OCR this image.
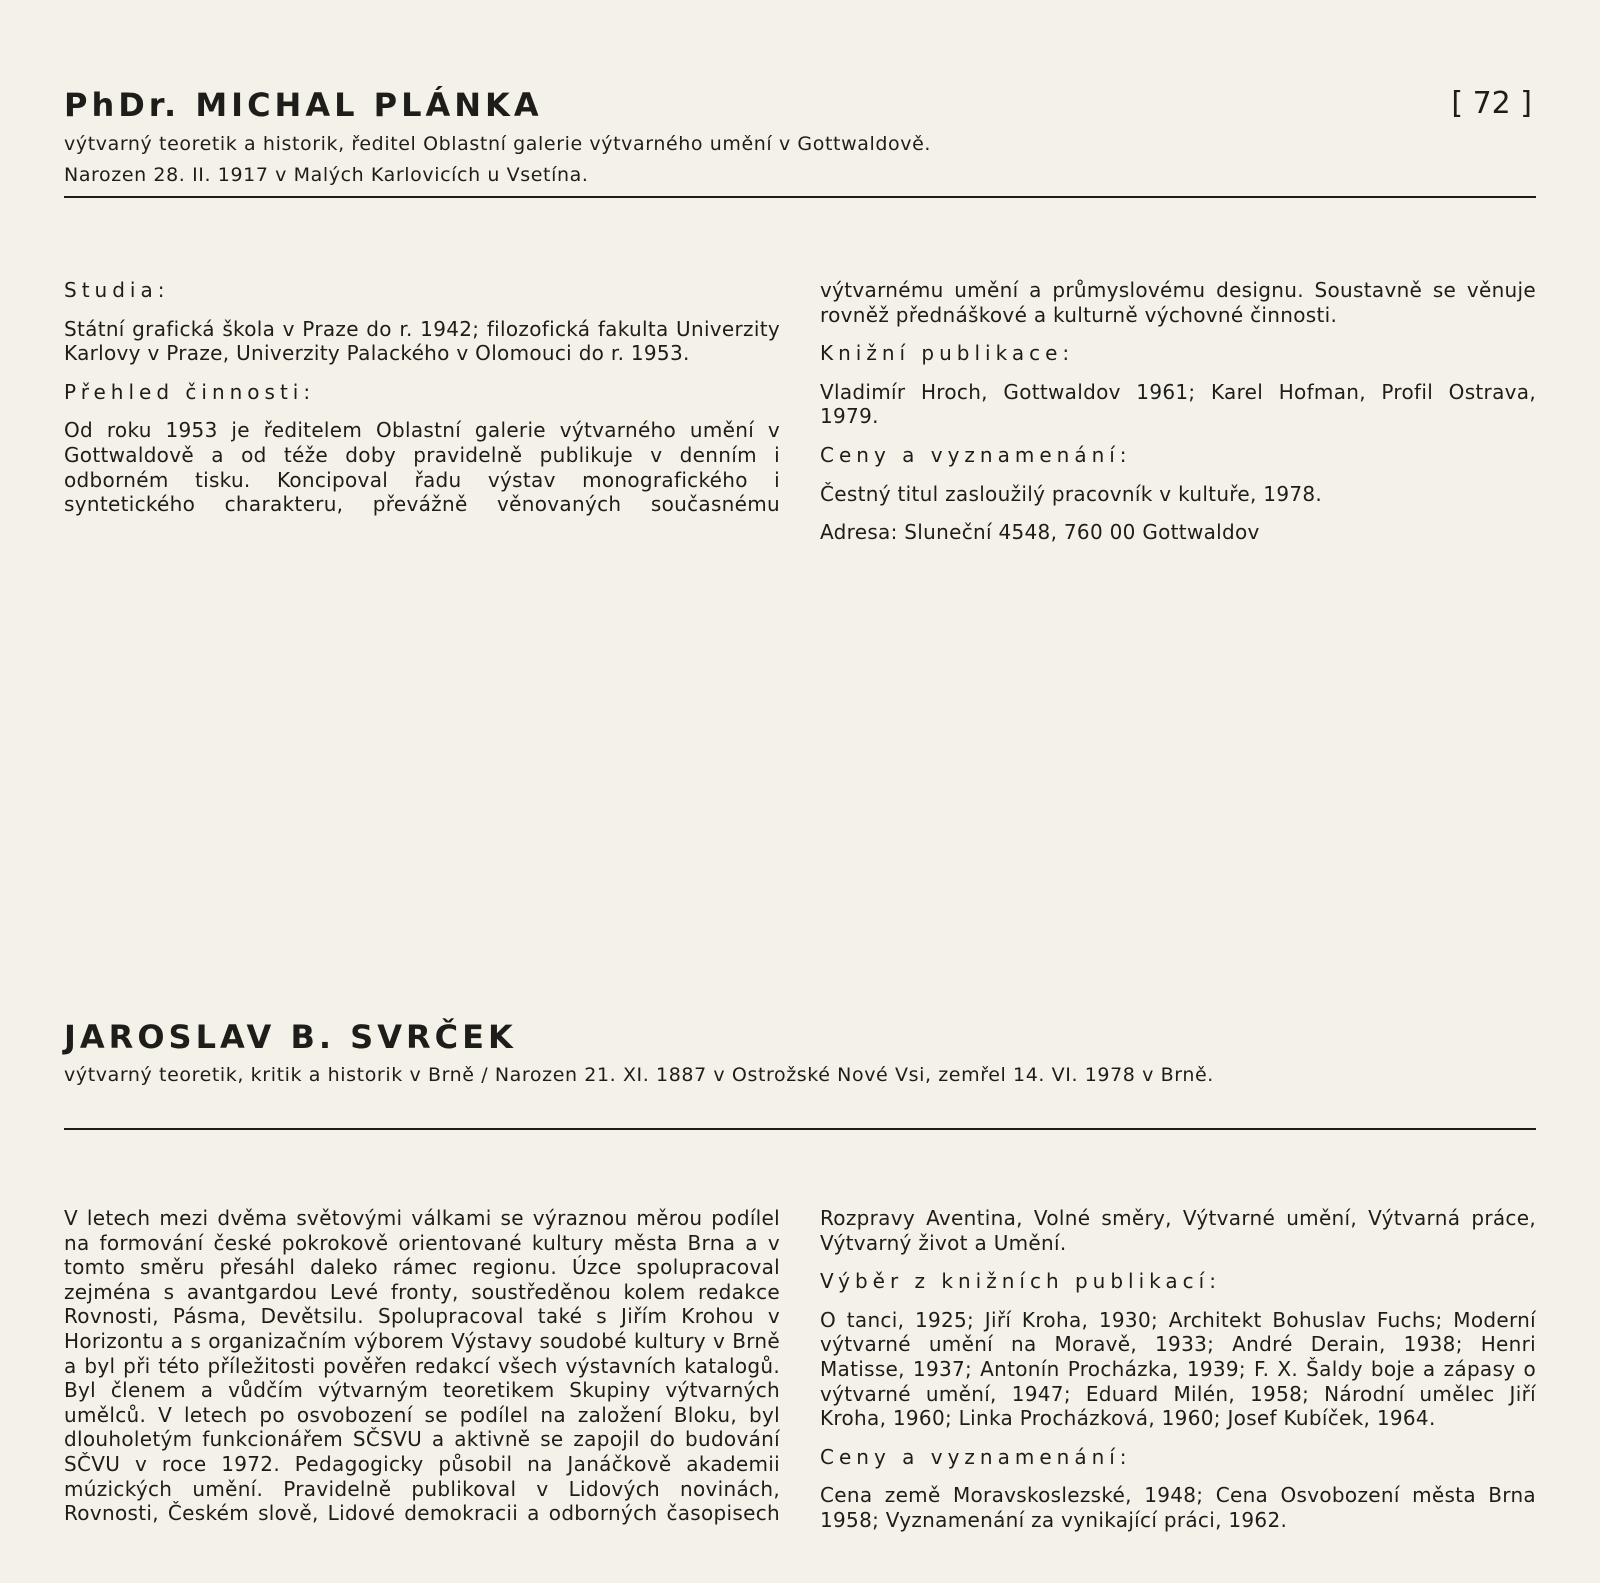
[ 72 ]
PhDr. MICHAL PLÁNKA

výtvarný teoretik a historik, ředitel Oblastní galerie výtvarného umění v Gottwaldově.

Narozen 28. II. 1917 v Malých Karlovicích u Vsetína.

Studia:

Státní grafická škola v Praze do r. 1942; filozofická fakulta Univerzity Karlovy v Praze, Univerzity Palackého v Olomouci do r. 1953.

Přehled činnosti:

Od roku 1953 je ředitelem Oblastní galerie výtvarného umění v Gottwaldově a od téže doby pravidelně publikuje v denním i odborném tisku. Koncipoval řadu výstav monografického i syntetického charakteru, převážně věnovaných současnému výtvarnému umění a průmyslovému designu. Soustavně se věnuje rovněž přednáškové a kulturně výchovné činnosti.

Knižní publikace:

Vladimír Hroch, Gottwaldov 1961; Karel Hofman, Profil Ostrava, 1979.

Ceny a vyznamenání:

Čestný titul zasloužilý pracovník v kultuře, 1978.

Adresa: Sluneční 4548, 760 00 Gottwaldov

JAROSLAV B. SVRČEK

výtvarný teoretik, kritik a historik v Brně / Narozen 21. XI. 1887 v Ostrožské Nové Vsi, zemřel 14. VI. 1978 v Brně.

V letech mezi dvěma světovými válkami se výraznou měrou podílel na formování české pokrokově orientované kultury města Brna a v tomto směru přesáhl daleko rámec regionu. Úzce spolupracoval zejména s avantgardou Levé fronty, soustředěnou kolem redakce Rovnosti, Pásma, Devětsilu. Spolupracoval také s Jiřím Krohou v Horizontu a s organizačním výborem Výstavy soudobé kultury v Brně a byl při této příležitosti pověřen redakcí všech výstavních katalogů. Byl členem a vůdčím výtvarným teoretikem Skupiny výtvarných umělců. V letech po osvobození se podílel na založení Bloku, byl dlouholetým funkcionářem SČSVU a aktivně se zapojil do budování SČVU v roce 1972. Pedagogicky působil na Janáčkově akademii múzických umění. Pravidelně publikoval v Lidových novinách, Rovnosti, Českém slově, Lidové demokracii a odborných časopisech Rozpravy Aventina, Volné směry, Výtvarné umění, Výtvarná práce, Výtvarný život a Umění.

Výběr z knižních publikací:

O tanci, 1925; Jiří Kroha, 1930; Architekt Bohuslav Fuchs; Moderní výtvarné umění na Moravě, 1933; André Derain, 1938; Henri Matisse, 1937; Antonín Procházka, 1939; F. X. Šaldy boje a zápasy o výtvarné umění, 1947; Eduard Milén, 1958; Národní umělec Jiří Kroha, 1960; Linka Procházková, 1960; Josef Kubíček, 1964.

Ceny a vyznamenání:

Cena země Moravskoslezské, 1948; Cena Osvobození města Brna 1958; Vyznamenání za vynikající práci, 1962.
